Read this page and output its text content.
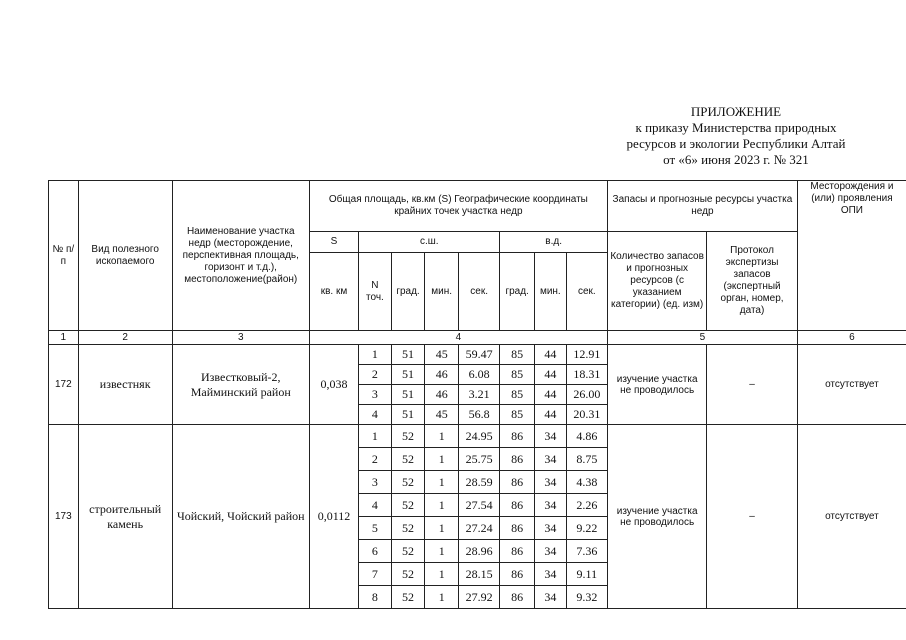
ПРИЛОЖЕНИЕ
к приказу Министерства природных
ресурсов и экологии Республики Алтай
от «6» июня 2023 г. № 321
№ п/п	Вид полезного ископаемого	Наименование участка недр (месторождение, перспективная площадь, горизонт и т.д.), местоположение(район)	Общая площадь, кв.км (S) Географические координаты крайних точек участка недр								Запасы и прогнозные ресурсы участка недр		Месторождения и (или) проявления ОПИ
			S	с.ш.				в.д.			Количество запасов и прогнозных ресурсов (с указанием категории) (ед. изм)	Протокол экспертизы запасов (экспертный орган, номер, дата)	
			кв. км	N точ.	град.	мин.	сек.	град.	мин.	сек.			
1	2	3	4								5		6
172	известняк	Известковый-2, Майминский район	0,038	1	51	45	59.47	85	44	12.91	изучение участка не проводилось	–	отсутствует
				2	51	46	6.08	85	44	18.31			
				3	51	46	3.21	85	44	26.00			
				4	51	45	56.8	85	44	20.31			
173	строительный камень	Чойский, Чойский район	0,0112	1	52	1	24.95	86	34	4.86	изучение участка не проводилось	–	отсутствует
				2	52	1	25.75	86	34	8.75			
				3	52	1	28.59	86	34	4.38			
				4	52	1	27.54	86	34	2.26			
				5	52	1	27.24	86	34	9.22			
				6	52	1	28.96	86	34	7.36			
				7	52	1	28.15	86	34	9.11			
				8	52	1	27.92	86	34	9.32			
